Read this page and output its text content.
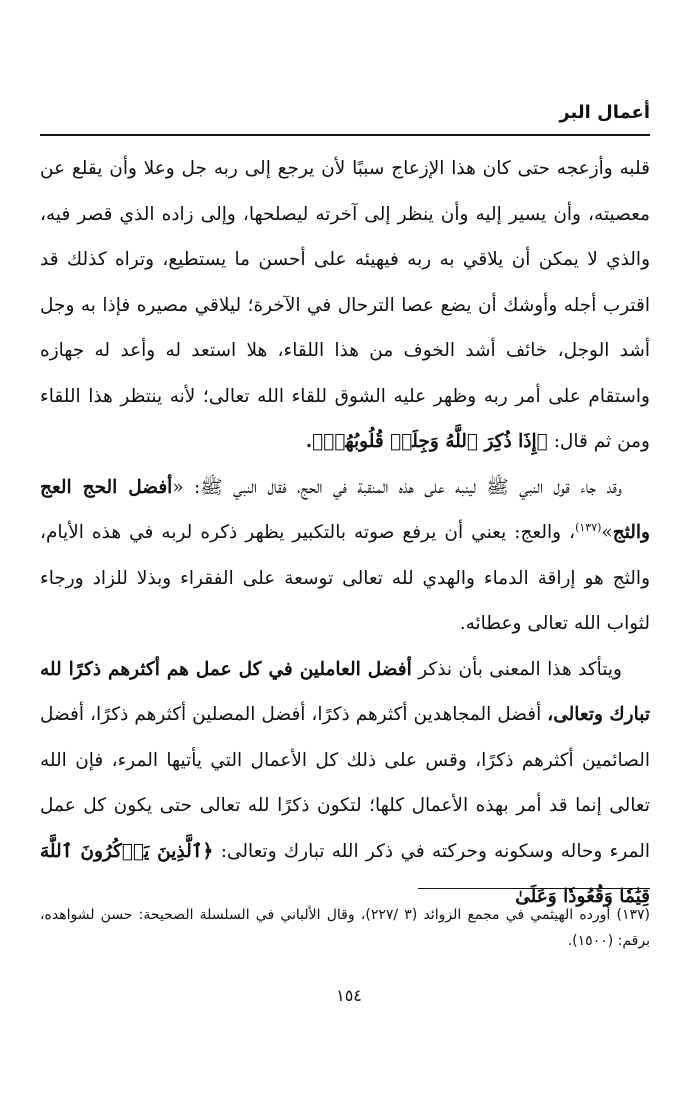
أعمال البر

قلبه وأزعجه حتى كان هذا الإزعاج سببًا لأن يرجع إلى ربه جل وعلا وأن يقلع عن معصيته، وأن يسير إليه وأن ينظر إلى آخرته ليصلحها، وإلى زاده الذي قصر فيه، والذي لا يمكن أن يلاقي به ربه فيهيئه على أحسن ما يستطيع، وتراه كذلك قد اقترب أجله وأوشك أن يضع عصا الترحال في الآخرة؛ ليلاقي مصيره فإذا به وجل أشد الوجل، خائف أشد الخوف من هذا اللقاء، هلا استعد له وأعد له جهازه واستقام على أمر ربه وظهر عليه الشوق للقاء الله تعالى؛ لأنه ينتظر هذا اللقاء ومن ثم قال: ﴿إِذَا ذُكِرَ ٱللَّهُ وَجِلَتۡ قُلُوبُهُمۡ﴾.

وقد جاء قول النبي ﷺ لينبه على هذه المنقبة في الحج، فقال النبي ﷺ: «أفضل الحج العج والثج»$^{(١٣٧)}$، والعج: يعني أن يرفع صوته بالتكبير يظهر ذكره لربه في هذه الأيام، والثج هو إراقة الدماء والهدي لله تعالى توسعة على الفقراء وبذلا للزاد ورجاء لثواب الله تعالى وعطائه.

ويتأكد هذا المعنى بأن نذكر أفضل العاملين في كل عمل هم أكثرهم ذكرًا لله تبارك وتعالى، أفضل المجاهدين أكثرهم ذكرًا، أفضل المصلين أكثرهم ذكرًا، أفضل الصائمين أكثرهم ذكرًا، وقس على ذلك كل الأعمال التي يأتيها المرء، فإن الله تعالى إنما قد أمر بهذه الأعمال كلها؛ لتكون ذكرًا لله تعالى حتى يكون كل عمل المرء وحاله وسكونه وحركته في ذكر الله تبارك وتعالى: ﴿ٱلَّذِينَ يَذۡكُرُونَ ٱللَّهَ قِيَٰمٗا وَقُعُودٗا وَعَلَىٰ

(١٣٧) أورده الهيثمي في مجمع الزوائد (٣ /٢٢٧)، وقال الألباني في السلسلة الصحيحة: حسن لشواهده، برقم: (١٥٠٠).
١٥٤
